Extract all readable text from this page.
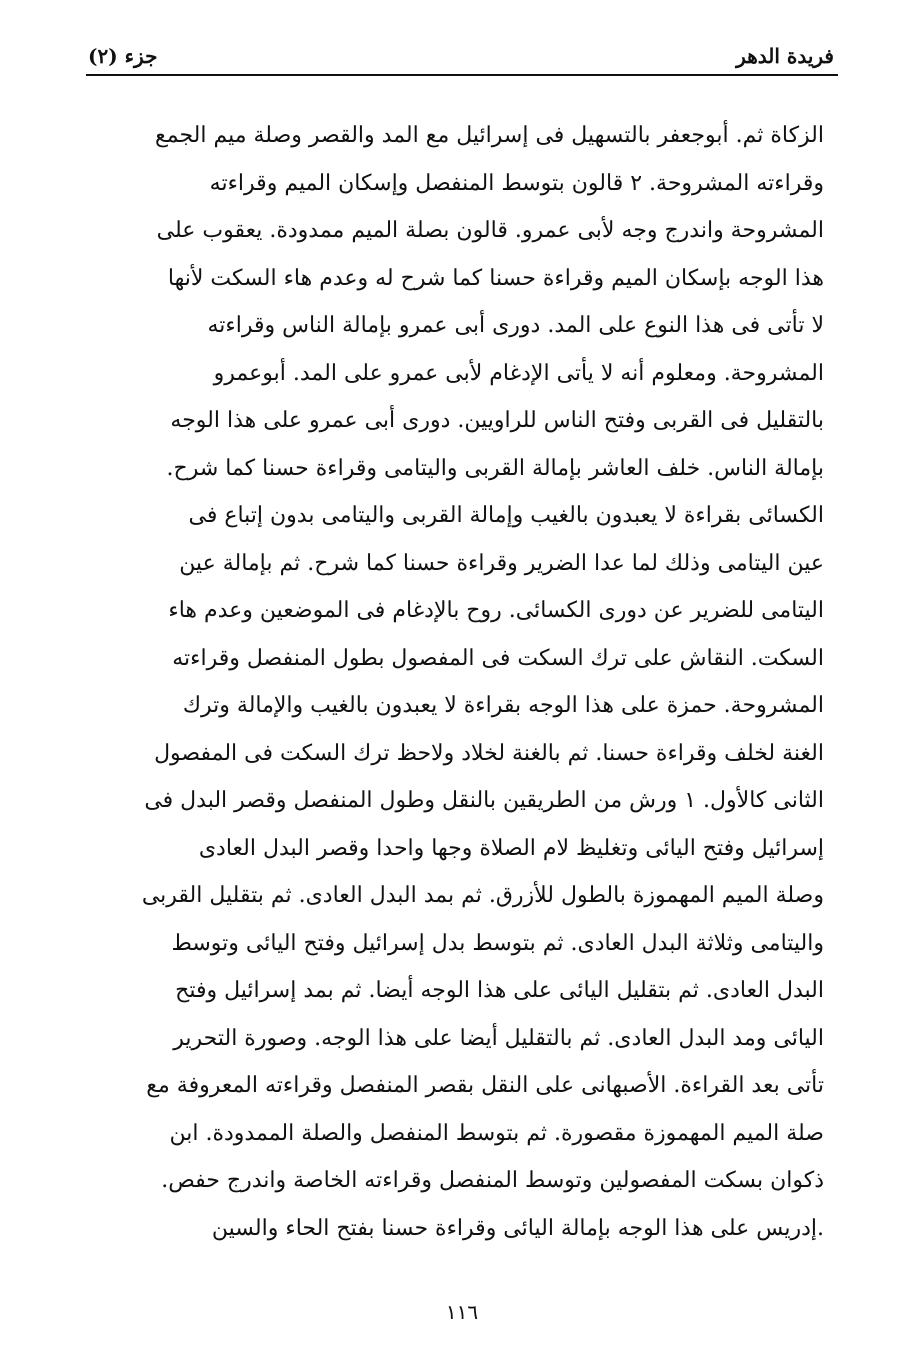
فريدة الدهر
جزء (٢)
الزكاة ثم. أبوجعفر بالتسهيل فى إسرائيل مع المد والقصر وصلة ميم الجمع
وقراءته المشروحة. ٢ قالون بتوسط المنفصل وإسكان الميم وقراءته
المشروحة واندرج وجه لأبى عمرو. قالون بصلة الميم ممدودة. يعقوب على
هذا الوجه بإسكان الميم وقراءة حسنا كما شرح له وعدم هاء السكت لأنها
لا تأتى فى هذا النوع على المد. دورى أبى عمرو بإمالة الناس وقراءته
المشروحة. ومعلوم أنه لا يأتى الإدغام لأبى عمرو على المد. أبوعمرو
بالتقليل فى القربى وفتح الناس للراويين. دورى أبى عمرو على هذا الوجه
بإمالة الناس. خلف العاشر بإمالة القربى واليتامى وقراءة حسنا كما شرح.
الكسائى بقراءة لا يعبدون بالغيب وإمالة القربى واليتامى بدون إتباع فى
عين اليتامى وذلك لما عدا الضرير وقراءة حسنا كما شرح. ثم بإمالة عين
اليتامى للضرير عن دورى الكسائى. روح بالإدغام فى الموضعين وعدم هاء
السكت. النقاش على ترك السكت فى المفصول بطول المنفصل وقراءته
المشروحة. حمزة على هذا الوجه بقراءة لا يعبدون بالغيب والإمالة وترك
الغنة لخلف وقراءة حسنا. ثم بالغنة لخلاد ولاحظ ترك السكت فى المفصول
الثانى كالأول. ١ ورش من الطريقين بالنقل وطول المنفصل وقصر البدل فى
إسرائيل وفتح اليائى وتغليظ لام الصلاة وجها واحدا وقصر البدل العادى
وصلة الميم المهموزة بالطول للأزرق. ثم بمد البدل العادى. ثم بتقليل القربى
واليتامى وثلاثة البدل العادى. ثم بتوسط بدل إسرائيل وفتح اليائى وتوسط
البدل العادى. ثم بتقليل اليائى على هذا الوجه أيضا. ثم بمد إسرائيل وفتح
اليائى ومد البدل العادى. ثم بالتقليل أيضا على هذا الوجه. وصورة التحرير
تأتى بعد القراءة. الأصبهانى على النقل بقصر المنفصل وقراءته المعروفة مع
صلة الميم المهموزة مقصورة. ثم بتوسط المنفصل والصلة الممدودة. ابن
ذكوان بسكت المفصولين وتوسط المنفصل وقراءته الخاصة واندرج حفص.
.إدريس على هذا الوجه بإمالة اليائى وقراءة حسنا بفتح الحاء والسين
١١٦
